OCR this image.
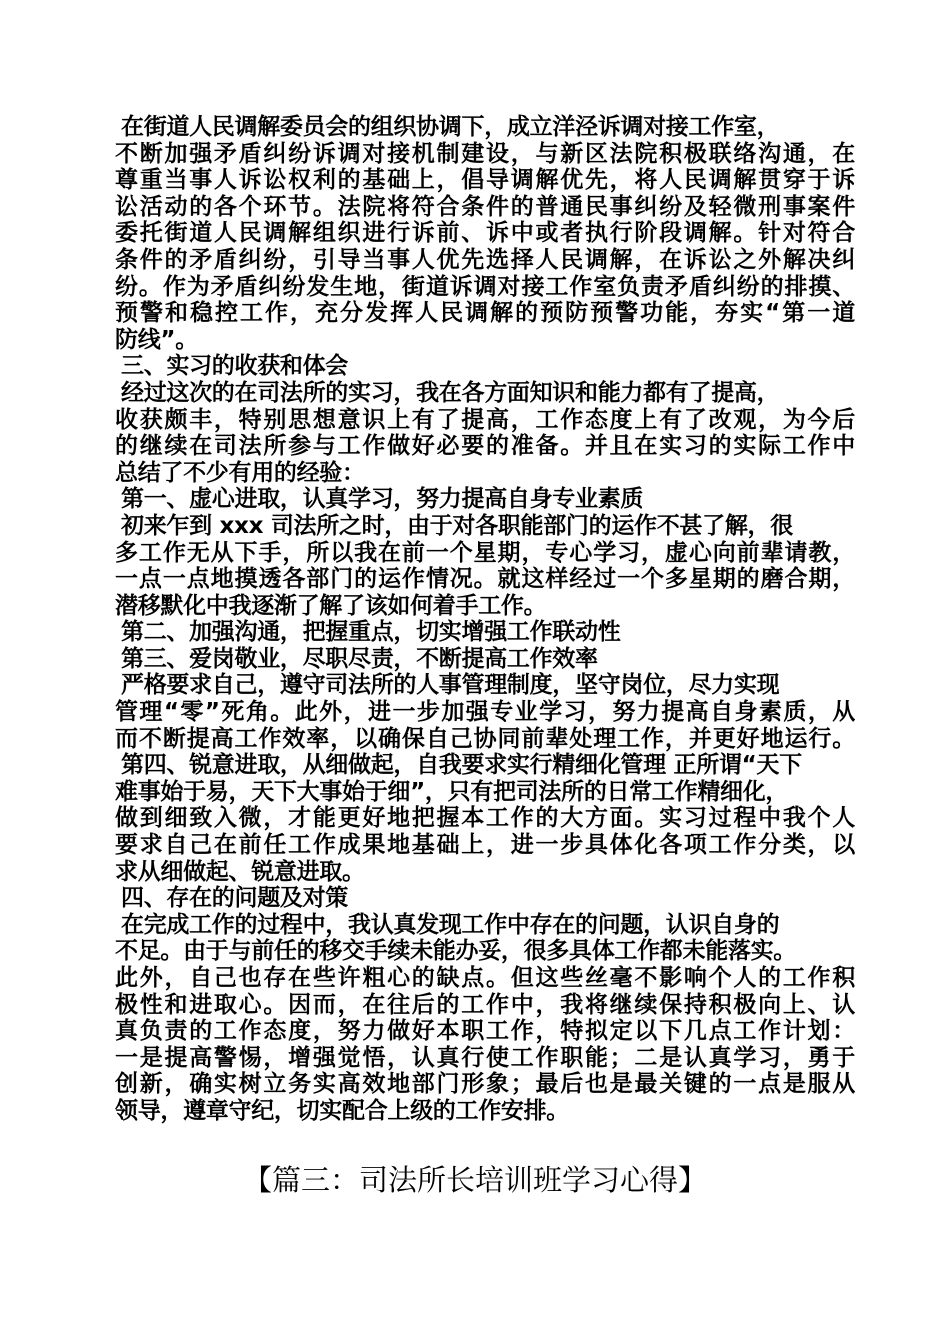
在街道人民调解委员会的组织协调下，成立洋泾诉调对接工作室，
不断加强矛盾纠纷诉调对接机制建设，与新区法院积极联络沟通，在
尊重当事人诉讼权利的基础上，倡导调解优先，将人民调解贯穿于诉
讼活动的各个环节。法院将符合条件的普通民事纠纷及轻微刑事案件
委托街道人民调解组织进行诉前、诉中或者执行阶段调解。针对符合
条件的矛盾纠纷，引导当事人优先选择人民调解，在诉讼之外解决纠
纷。作为矛盾纠纷发生地，街道诉调对接工作室负责矛盾纠纷的排摸、
预警和稳控工作，充分发挥人民调解的预防预警功能，夯实“第一道
防线”。
三、实习的收获和体会
经过这次的在司法所的实习，我在各方面知识和能力都有了提高，
收获颇丰，特别思想意识上有了提高，工作态度上有了改观，为今后
的继续在司法所参与工作做好必要的准备。并且在实习的实际工作中
总结了不少有用的经验：
第一、虚心进取，认真学习，努力提高自身专业素质
初来乍到 xxx 司法所之时，由于对各职能部门的运作不甚了解，很
多工作无从下手，所以我在前一个星期，专心学习，虚心向前辈请教，
一点一点地摸透各部门的运作情况。就这样经过一个多星期的磨合期，
潜移默化中我逐渐了解了该如何着手工作。
第二、加强沟通，把握重点，切实增强工作联动性
第三、爱岗敬业，尽职尽责，不断提高工作效率
严格要求自己，遵守司法所的人事管理制度，坚守岗位，尽力实现
管理“零”死角。此外，进一步加强专业学习，努力提高自身素质，从
而不断提高工作效率，以确保自己协同前辈处理工作，并更好地运行。
第四、锐意进取，从细做起，自我要求实行精细化管理 正所谓“天下
难事始于易，天下大事始于细”，只有把司法所的日常工作精细化，
做到细致入微，才能更好地把握本工作的大方面。实习过程中我个人
要求自己在前任工作成果地基础上，进一步具体化各项工作分类，以
求从细做起、锐意进取。
四、存在的问题及对策
在完成工作的过程中，我认真发现工作中存在的问题，认识自身的
不足。由于与前任的移交手续未能办妥，很多具体工作都未能落实。
此外，自己也存在些许粗心的缺点。但这些丝毫不影响个人的工作积
极性和进取心。因而，在往后的工作中，我将继续保持积极向上、认
真负责的工作态度，努力做好本职工作，特拟定以下几点工作计划：
一是提高警惕，增强觉悟，认真行使工作职能；二是认真学习，勇于
创新，确实树立务实高效地部门形象；最后也是最关键的一点是服从
领导，遵章守纪，切实配合上级的工作安排。
【篇三：司法所长培训班学习心得】
